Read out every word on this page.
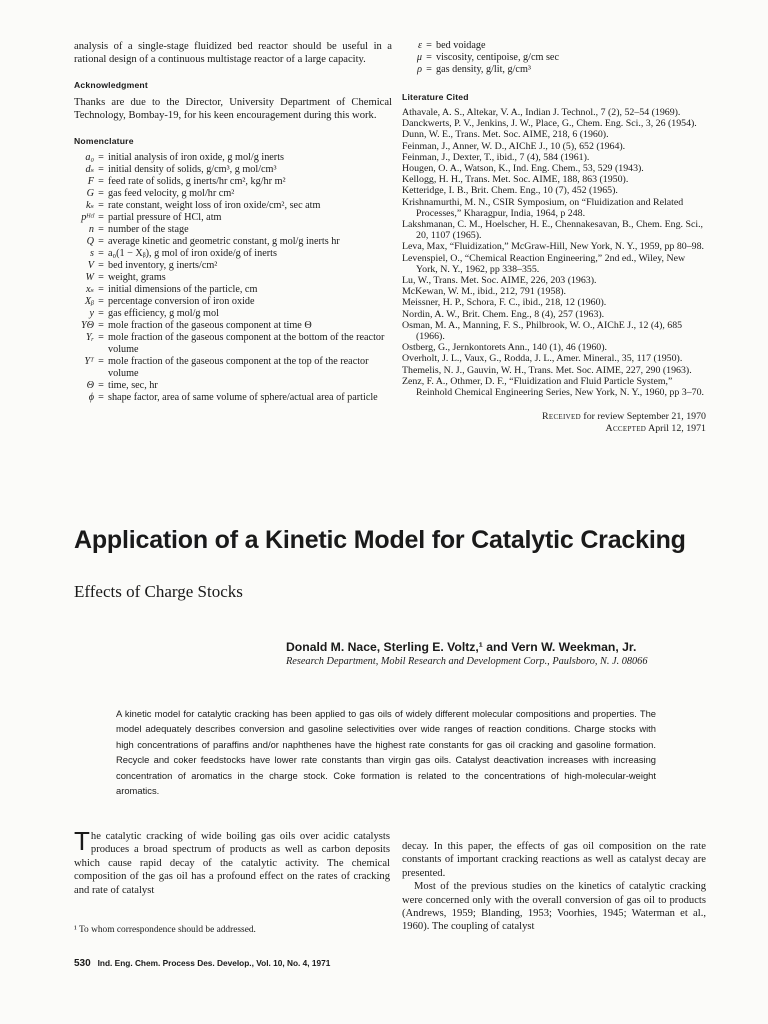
analysis of a single-stage fluidized bed reactor should be useful in a rational design of a continuous multistage reactor of a large capacity.

Acknowledgment

Thanks are due to the Director, University Department of Chemical Technology, Bombay-19, for his keen encouragement during this work.

Nomenclature

a₀ = initial analysis of iron oxide, g mol/g inerts
dₛ = initial density of solids, g/cm³, g mol/cm³
F = feed rate of solids, g inerts/hr cm², kg/hr m²
G = gas feed velocity, g mol/hr cm²
kₛ = rate constant, weight loss of iron oxide/cm², sec atm
pᴴᶜˡ = partial pressure of HCl, atm
n = number of the stage
Q = average kinetic and geometric constant, g mol/g inerts hr
s = a₀(1 − Xᵦ), g mol of iron oxide/g of inerts
V = bed inventory, g inerts/cm²
W = weight, grams
xₛ = initial dimensions of the particle, cm
Xᵦ = percentage conversion of iron oxide
y = gas efficiency, g mol/g mol
YΘ = mole fraction of the gaseous component at time Θ
Yᵣ = mole fraction of the gaseous component at the bottom of the reactor volume
Yᵀ = mole fraction of the gaseous component at the top of the reactor volume
Θ = time, sec, hr
ϕ = shape factor, area of same volume of sphere/actual area of particle
ε = bed voidage
μ = viscosity, centipoise, g/cm sec
ρ = gas density, g/lit, g/cm³

Literature Cited

Athavale, A. S., Altekar, V. A., Indian J. Technol., 7 (2), 52–54 (1969).
Danckwerts, P. V., Jenkins, J. W., Place, G., Chem. Eng. Sci., 3, 26 (1954).
Dunn, W. E., Trans. Met. Soc. AIME, 218, 6 (1960).
Feinman, J., Anner, W. D., AIChE J., 10 (5), 652 (1964).
Feinman, J., Dexter, T., ibid., 7 (4), 584 (1961).
Hougen, O. A., Watson, K., Ind. Eng. Chem., 53, 529 (1943).
Kellogg, H. H., Trans. Met. Soc. AIME, 188, 863 (1950).
Ketteridge, I. B., Brit. Chem. Eng., 10 (7), 452 (1965).
Krishnamurthi, M. N., CSIR Symposium, on “Fluidization and Related Processes,” Kharagpur, India, 1964, p 248.
Lakshmanan, C. M., Hoelscher, H. E., Chennakesavan, B., Chem. Eng. Sci., 20, 1107 (1965).
Leva, Max, “Fluidization,” McGraw-Hill, New York, N. Y., 1959, pp 80–98.
Levenspiel, O., “Chemical Reaction Engineering,” 2nd ed., Wiley, New York, N. Y., 1962, pp 338–355.
Lu, W., Trans. Met. Soc. AIME, 226, 203 (1963).
McKewan, W. M., ibid., 212, 791 (1958).
Meissner, H. P., Schora, F. C., ibid., 218, 12 (1960).
Nordin, A. W., Brit. Chem. Eng., 8 (4), 257 (1963).
Osman, M. A., Manning, F. S., Philbrook, W. O., AIChE J., 12 (4), 685 (1966).
Ostberg, G., Jernkontorets Ann., 140 (1), 46 (1960).
Overholt, J. L., Vaux, G., Rodda, J. L., Amer. Mineral., 35, 117 (1950).
Themelis, N. J., Gauvin, W. H., Trans. Met. Soc. AIME, 227, 290 (1963).
Zenz, F. A., Othmer, D. F., “Fluidization and Fluid Particle System,” Reinhold Chemical Engineering Series, New York, N. Y., 1960, pp 3–70.
Received for review September 21, 1970
Accepted April 12, 1971
Application of a Kinetic Model for Catalytic Cracking
Effects of Charge Stocks

Donald M. Nace, Sterling E. Voltz,¹ and Vern W. Weekman, Jr.

Research Department, Mobil Research and Development Corp., Paulsboro, N. J. 08066

A kinetic model for catalytic cracking has been applied to gas oils of widely different molecular compositions and properties. The model adequately describes conversion and gasoline selectivities over wide ranges of reaction conditions. Charge stocks with high concentrations of paraffins and/or naphthenes have the highest rate constants for gas oil cracking and gasoline formation. Recycle and coker feedstocks have lower rate constants than virgin gas oils. Catalyst deactivation increases with increasing concentration of aromatics in the charge stock. Coke formation is related to the concentrations of high-molecular-weight aromatics.

The catalytic cracking of wide boiling gas oils over acidic catalysts produces a broad spectrum of products as well as carbon deposits which cause rapid decay of the catalytic activity. The chemical composition of the gas oil has a profound effect on the rates of cracking and rate of catalyst

decay. In this paper, the effects of gas oil composition on the rate constants of important cracking reactions as well as catalyst decay are presented.

Most of the previous studies on the kinetics of catalytic cracking were concerned only with the overall conversion of gas oil to products (Andrews, 1959; Blanding, 1953; Voorhies, 1945; Waterman et al., 1960). The coupling of catalyst

¹ To whom correspondence should be addressed.

530 Ind. Eng. Chem. Process Des. Develop., Vol. 10, No. 4, 1971
